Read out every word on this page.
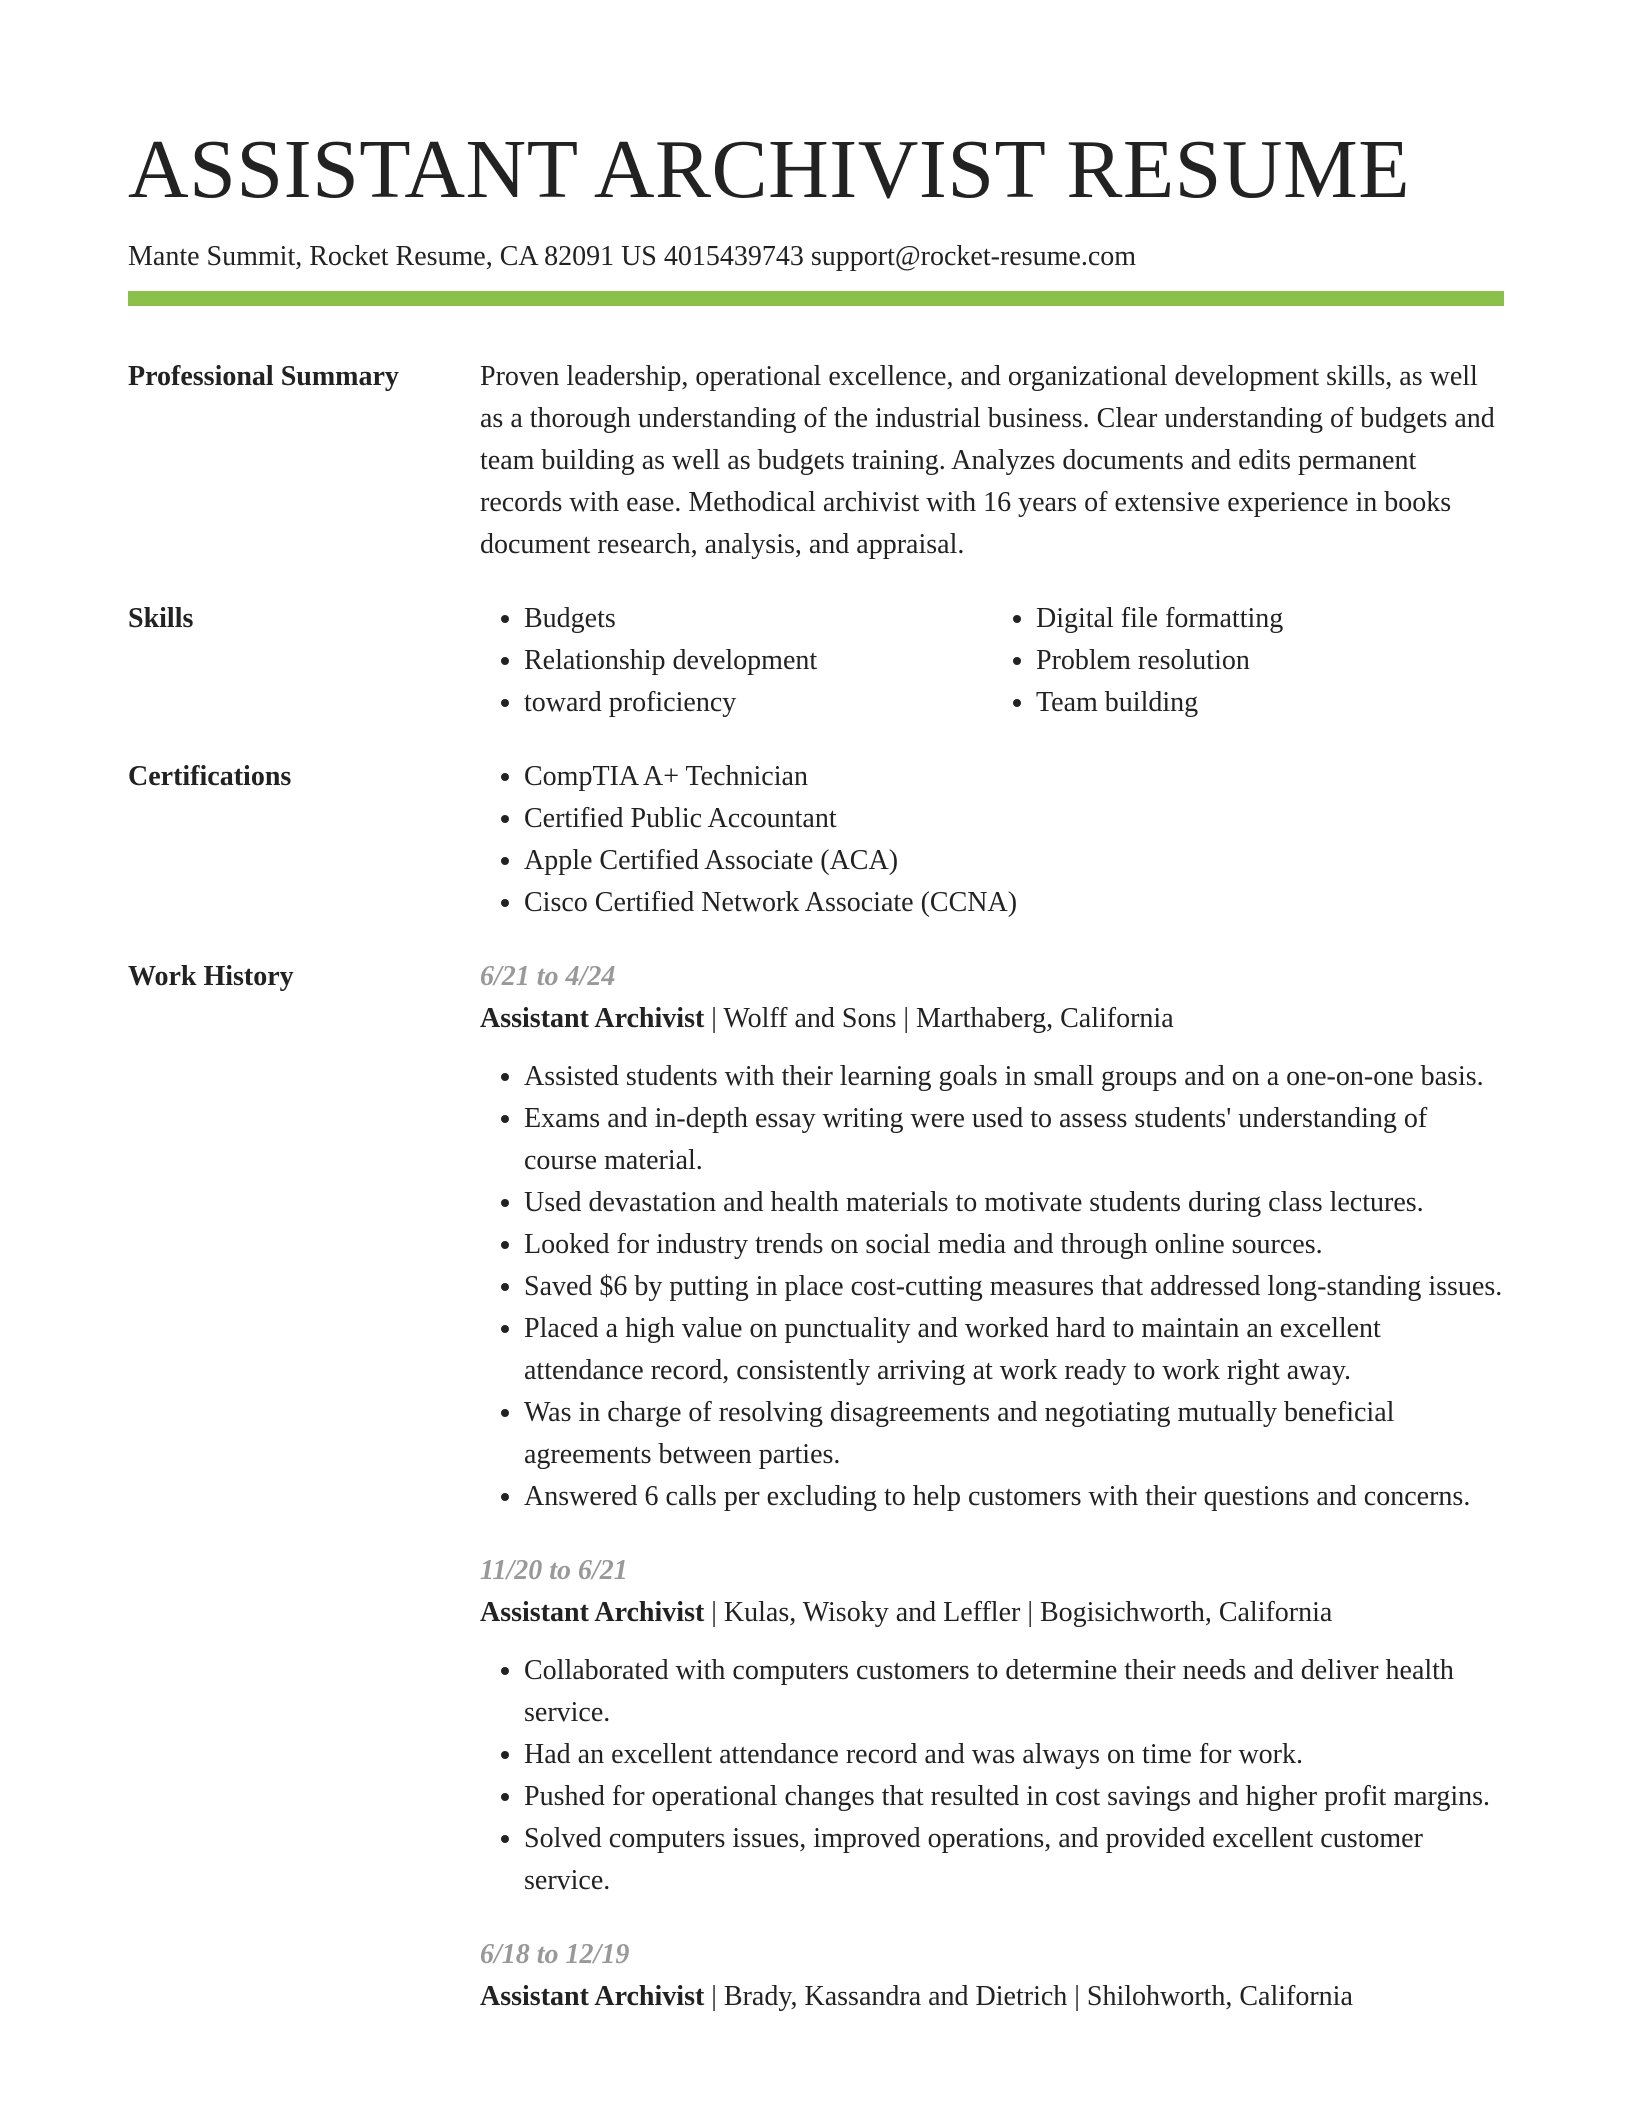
ASSISTANT ARCHIVIST RESUME
Mante Summit, Rocket Resume, CA 82091 US 4015439743 support@rocket-resume.com
Professional Summary	Proven leadership, operational excellence, and organizational development skills, as well as a thorough understanding of the industrial business. Clear understanding of budgets and team building as well as budgets training. Analyzes documents and edits permanent records with ease. Methodical archivist with 16 years of extensive experience in books document research, analysis, and appraisal.

Skills	• Budgets
• Relationship development
• toward proficiency
• Digital file formatting
• Problem resolution
• Team building
Certifications	• CompTIA A+ Technician
• Certified Public Accountant
• Apple Certified Associate (ACA)
• Cisco Certified Network Associate (CCNA)
Work History	6/21 to 4/24
Assistant Archivist | Wolff and Sons | Marthaberg, California
• Assisted students with their learning goals in small groups and on a one-on-one basis.
• Exams and in-depth essay writing were used to assess students' understanding of course material.
• Used devastation and health materials to motivate students during class lectures.
• Looked for industry trends on social media and through online sources.
• Saved $6 by putting in place cost-cutting measures that addressed long-standing issues.
• Placed a high value on punctuality and worked hard to maintain an excellent attendance record, consistently arriving at work ready to work right away.
• Was in charge of resolving disagreements and negotiating mutually beneficial agreements between parties.
• Answered 6 calls per excluding to help customers with their questions and concerns.
11/20 to 6/21
Assistant Archivist | Kulas, Wisoky and Leffler | Bogisichworth, California
• Collaborated with computers customers to determine their needs and deliver health service.
• Had an excellent attendance record and was always on time for work.
• Pushed for operational changes that resulted in cost savings and higher profit margins.
• Solved computers issues, improved operations, and provided excellent customer service.
6/18 to 12/19
Assistant Archivist | Brady, Kassandra and Dietrich | Shilohworth, California
